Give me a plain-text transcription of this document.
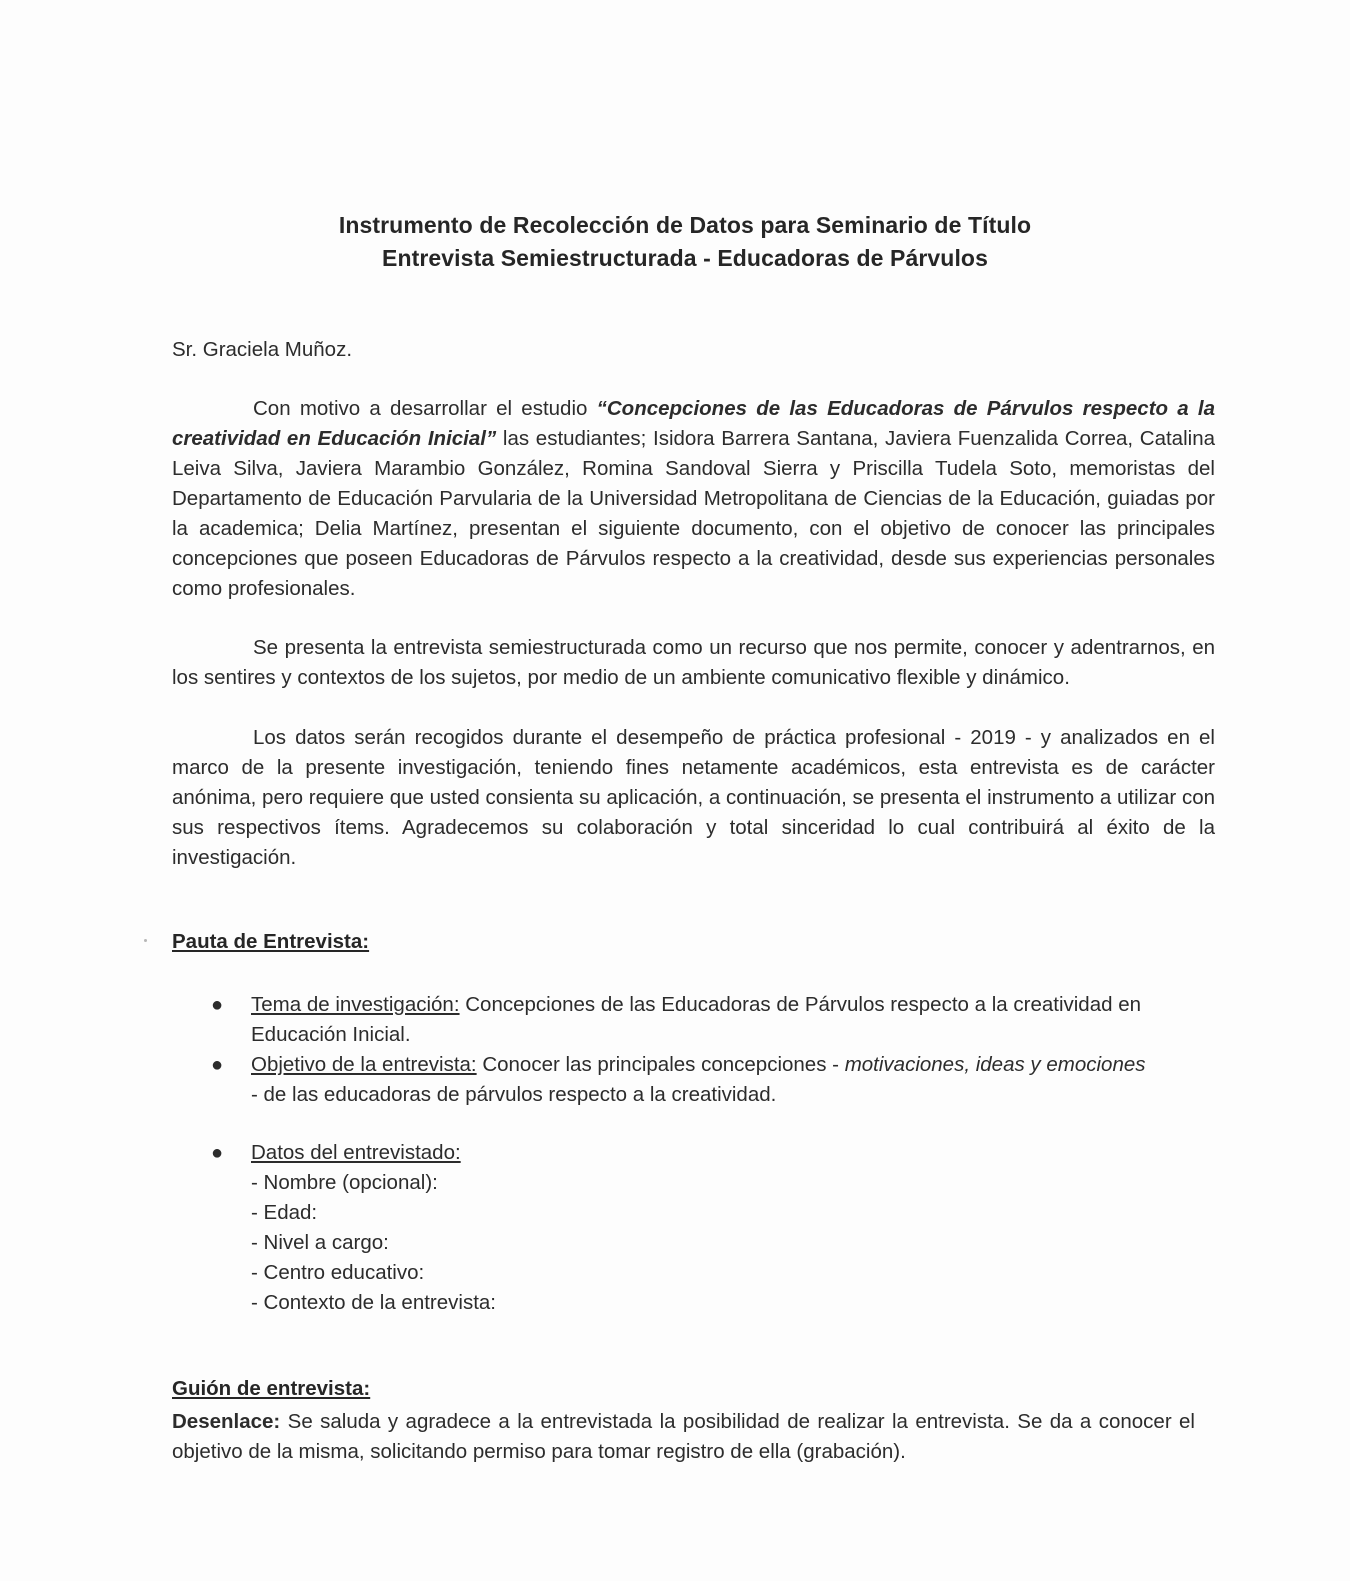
Instrumento de Recolección de Datos para Seminario de Título
Entrevista Semiestructurada - Educadoras de Párvulos
Sr. Graciela Muñoz.
Con motivo a desarrollar el estudio “Concepciones de las Educadoras de Párvulos respecto a la creatividad en Educación Inicial” las estudiantes; Isidora Barrera Santana, Javiera Fuenzalida Correa, Catalina Leiva Silva, Javiera Marambio González, Romina Sandoval Sierra y Priscilla Tudela Soto, memoristas del Departamento de Educación Parvularia de la Universidad Metropolitana de Ciencias de la Educación, guiadas por la academica; Delia Martínez, presentan el siguiente documento, con el objetivo de conocer las principales concepciones que poseen Educadoras de Párvulos respecto a la creatividad, desde sus experiencias personales como profesionales.
Se presenta la entrevista semiestructurada como un recurso que nos permite, conocer y adentrarnos, en los sentires y contextos de los sujetos, por medio de un ambiente comunicativo flexible y dinámico.
Los datos serán recogidos durante el desempeño de práctica profesional - 2019 - y analizados en el marco de la presente investigación, teniendo fines netamente académicos, esta entrevista es de carácter anónima, pero requiere que usted consienta su aplicación, a continuación, se presenta el instrumento a utilizar con sus respectivos ítems. Agradecemos su colaboración y total sinceridad lo cual contribuirá al éxito de la investigación.
Pauta de Entrevista:
● Tema de investigación: Concepciones de las Educadoras de Párvulos respecto a la creatividad en Educación Inicial.
● Objetivo de la entrevista: Conocer las principales concepciones - motivaciones, ideas y emociones - de las educadoras de párvulos respecto a la creatividad.
● Datos del entrevistado:
- Nombre (opcional):
- Edad:
- Nivel a cargo:
- Centro educativo:
- Contexto de la entrevista:
Guión de entrevista:
Desenlace: Se saluda y agradece a la entrevistada la posibilidad de realizar la entrevista. Se da a conocer el objetivo de la misma, solicitando permiso para tomar registro de ella (grabación).
